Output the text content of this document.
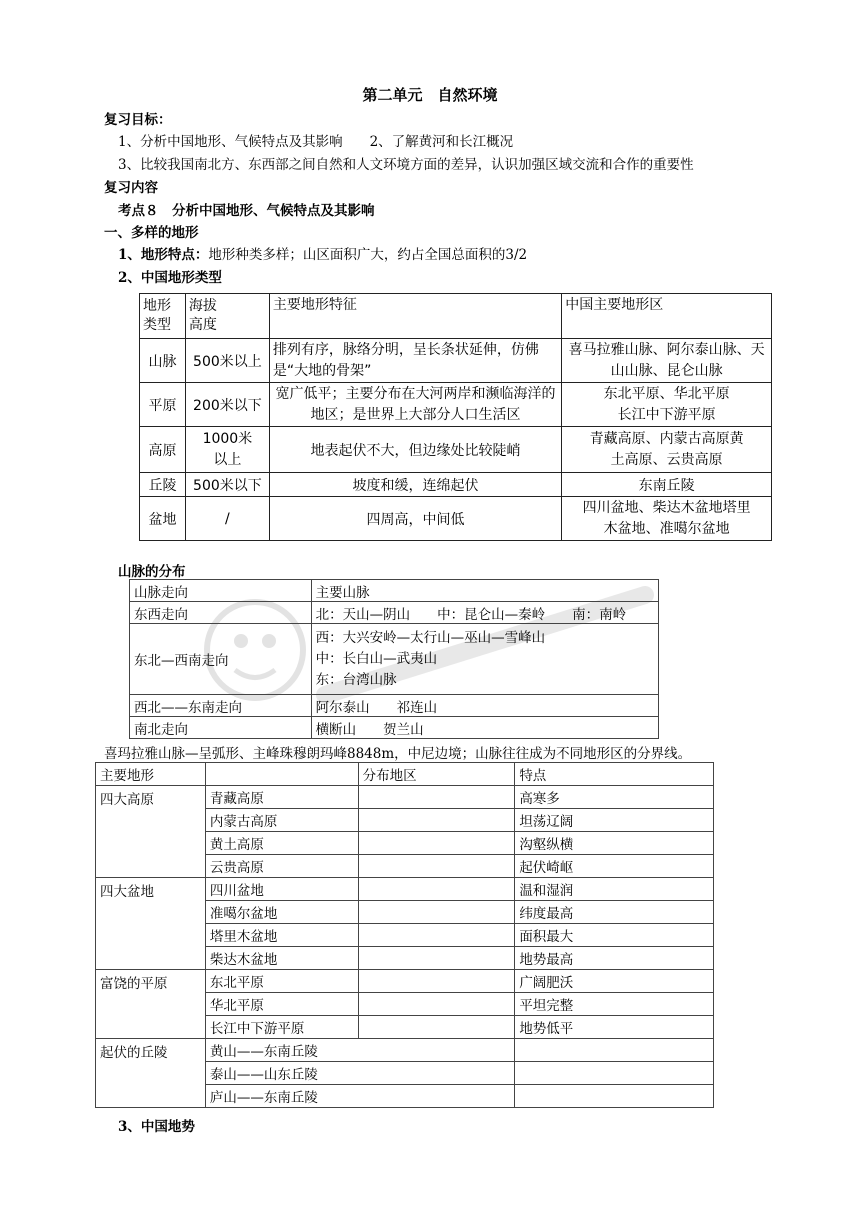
第二单元　自然环境
复习目标：
1、分析中国地形、气候特点及其影响　　2、了解黄河和长江概况
3、比较我国南北方、东西部之间自然和人文环境方面的差异，认识加强区域交流和合作的重要性
复习内容
考点８　分析中国地形、气候特点及其影响
一、多样的地形
1、地形特点：地形种类多样；山区面积广大，约占全国总面积的3/2
2、中国地形类型
地形类型	海拔高度	主要地形特征	中国主要地形区
山脉	500米以上	排列有序，脉络分明，呈长条状延伸，仿佛是“大地的骨架”	喜马拉雅山脉、阿尔泰山脉、天山山脉、昆仑山脉
平原	200米以下	宽广低平；主要分布在大河两岸和濒临海洋的地区；是世界上大部分人口生活区	东北平原、华北平原长江中下游平原
高原	1000米以上	地表起伏不大，但边缘处比较陡峭	青藏高原、内蒙古高原黄土高原、云贵高原
丘陵	500米以下	坡度和缓，连绵起伏	东南丘陵
盆地	/	四周高，中间低	四川盆地、柴达木盆地塔里木盆地、准噶尔盆地
山脉的分布
山脉走向	主要山脉
东西走向	北：天山—阴山　　中：昆仑山—秦岭　　南：南岭
东北—西南走向	西：大兴安岭—太行山—巫山—雪峰山
中：长白山—武夷山
东：台湾山脉

西北——东南走向	阿尔泰山　　祁连山
南北走向	横断山　　贺兰山
喜玛拉雅山脉—呈弧形、主峰珠穆朗玛峰8848m，中尼边境；山脉往往成为不同地形区的分界线。
主要地形		分布地区	特点
四大高原	青藏高原		高寒多
	内蒙古高原		坦荡辽阔
	黄土高原		沟壑纵横
	云贵高原		起伏崎岖
四大盆地	四川盆地		温和湿润
	准噶尔盆地		纬度最高
	塔里木盆地		面积最大
	柴达木盆地		地势最高
富饶的平原	东北平原		广阔肥沃
	华北平原		平坦完整
	长江中下游平原		地势低平
起伏的丘陵	黄山——东南丘陵		
	泰山——山东丘陵		
	庐山——东南丘陵		
3、中国地势
